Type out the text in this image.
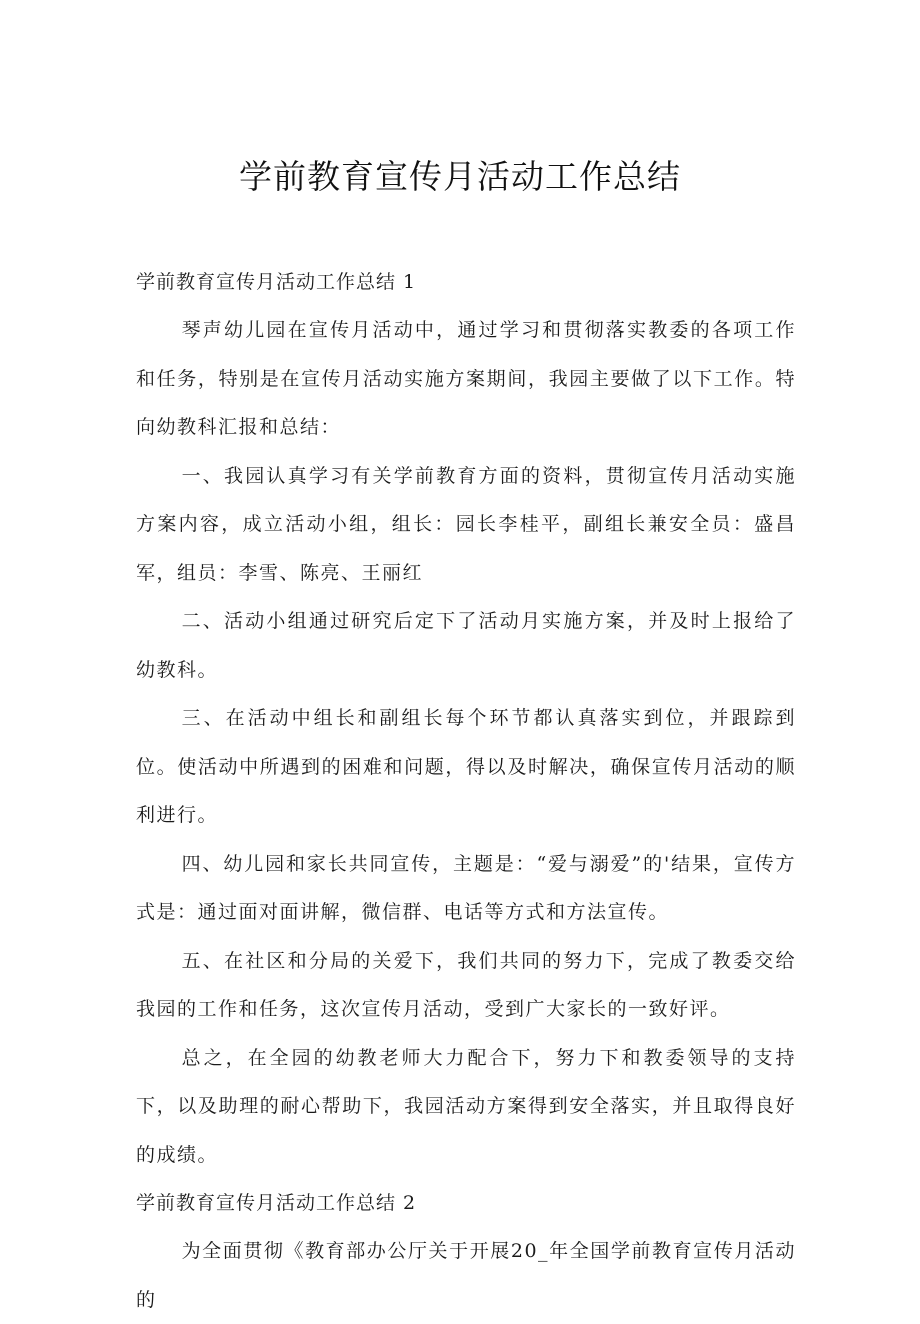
学前教育宣传月活动工作总结
学前教育宣传月活动工作总结 1

琴声幼儿园在宣传月活动中，通过学习和贯彻落实教委的各项工作和任务，特别是在宣传月活动实施方案期间，我园主要做了以下工作。特向幼教科汇报和总结：

一、我园认真学习有关学前教育方面的资料，贯彻宣传月活动实施方案内容，成立活动小组，组长：园长李桂平，副组长兼安全员：盛昌军，组员：李雪、陈亮、王丽红

二、活动小组通过研究后定下了活动月实施方案，并及时上报给了幼教科。

三、在活动中组长和副组长每个环节都认真落实到位，并跟踪到位。使活动中所遇到的困难和问题，得以及时解决，确保宣传月活动的顺利进行。

四、幼儿园和家长共同宣传，主题是：“爱与溺爱”的'结果，宣传方式是：通过面对面讲解，微信群、电话等方式和方法宣传。

五、在社区和分局的关爱下，我们共同的努力下，完成了教委交给我园的工作和任务，这次宣传月活动，受到广大家长的一致好评。

总之，在全园的幼教老师大力配合下，努力下和教委领导的支持下，以及助理的耐心帮助下，我园活动方案得到安全落实，并且取得良好的成绩。

学前教育宣传月活动工作总结 2

为全面贯彻《教育部办公厅关于开展20_年全国学前教育宣传月活动的
